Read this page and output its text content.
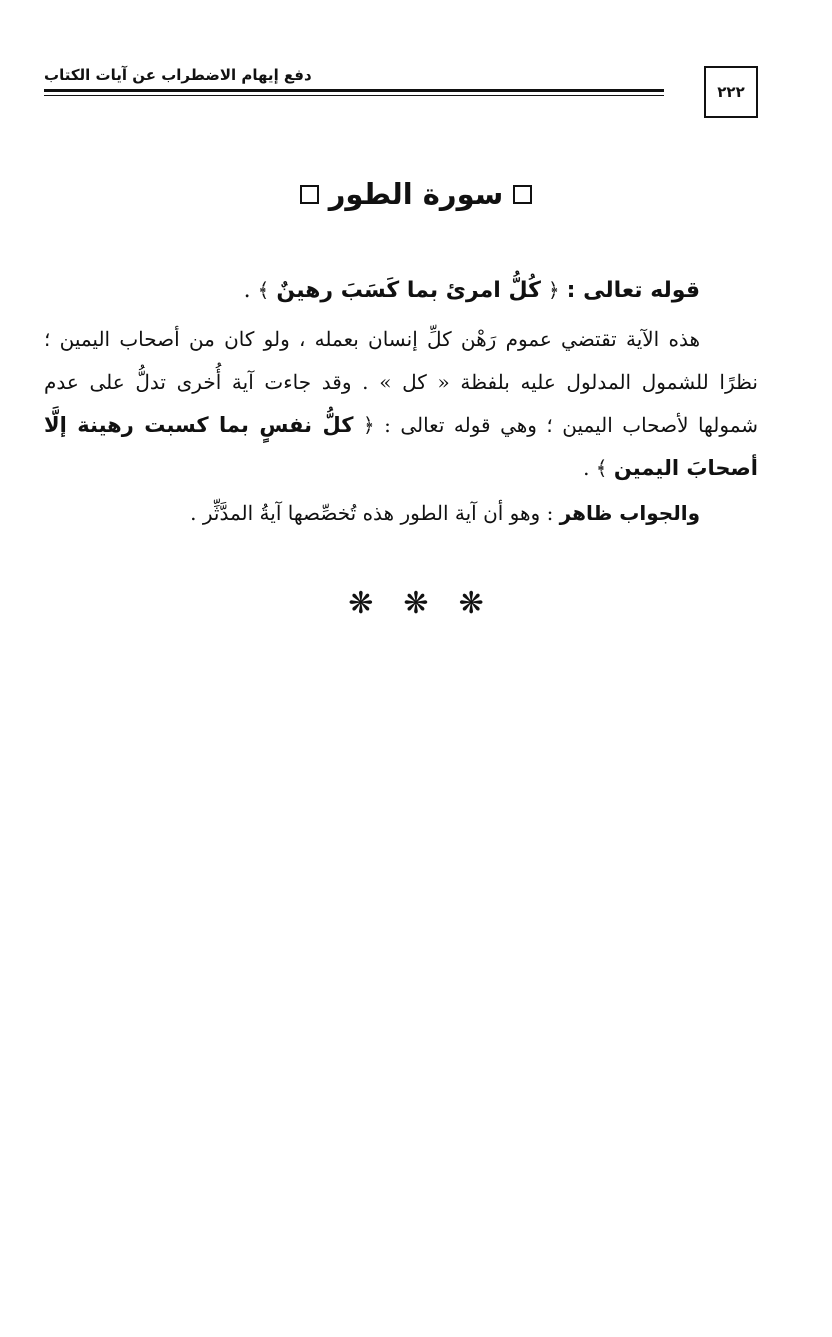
دفع إيهام الاضطراب عن آيات الكتاب
٢٢٢
سورة الطور
قوله تعالى : ﴿ كُلُّ امرئ بما كَسَبَ رهينٌ ﴾ .
هذه الآية تقتضي عموم رَهْن كلِّ إنسان بعمله ، ولو كان من أصحاب اليمين ؛ نظرًا للشمول المدلول عليه بلفظة « كل » . وقد جاءت آية أُخرى تدلُّ على عدم شمولها لأصحاب اليمين ؛ وهي قوله تعالى : ﴿ كلُّ نفسٍ بما كسبت رهينة إلَّا أصحابَ اليمين ﴾ .
والجواب ظاهر : وهو أن آية الطور هذه تُخصِّصها آيةُ المدَّثِّر .
❋ ❋ ❋
